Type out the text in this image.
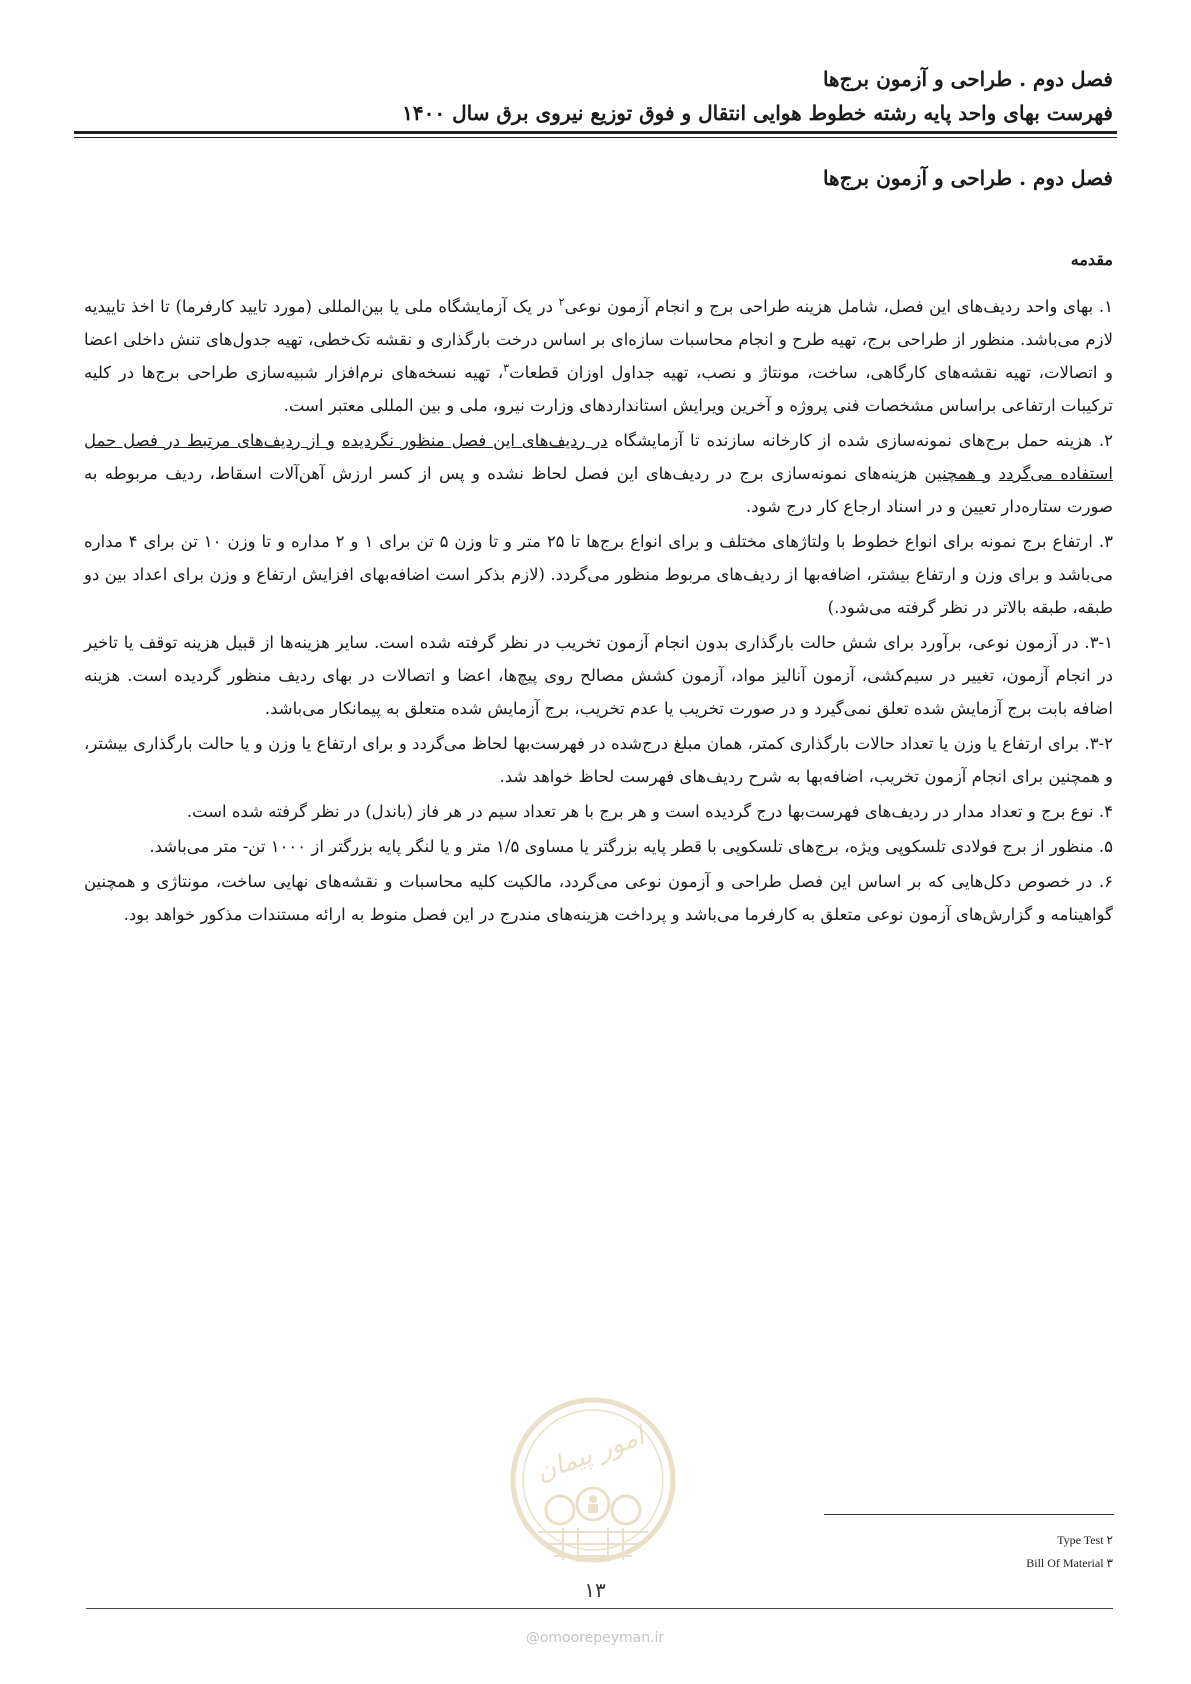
فصل دوم . طراحی و آزمون برج‌ها
فهرست بهای واحد پایه رشته خطوط هوایی انتقال و فوق توزیع نیروی برق سال ۱۴۰۰
فصل دوم . طراحی و آزمون برج‌ها
مقدمه

۱. بهای واحد ردیف‌های این فصل، شامل هزینه طراحی برج و انجام آزمون نوعی$^۲$ در یک آزمایشگاه ملی یا بین‌المللی (مورد تایید کارفرما) تا اخذ تاییدیه لازم می‌باشد. منظور از طراحی برج، تهیه طرح و انجام محاسبات سازه‌ای بر اساس درخت بارگذاری و نقشه تک‌خطی، تهیه جدول‌های تنش داخلی اعضا و اتصالات، تهیه نقشه‌های کارگاهی، ساخت، مونتاژ و نصب، تهیه جداول اوزان قطعات$^۳$، تهیه نسخه‌های نرم‌افزار شبیه‌سازی طراحی برج‌ها در کلیه ترکیبات ارتفاعی براساس مشخصات فنی پروژه و آخرین ویرایش استانداردهای وزارت نیرو، ملی و بین المللی معتبر است.

۲. هزینه حمل برج‌های نمونه‌سازی شده از کارخانه سازنده تا آزمایشگاه در ردیف‌های این فصل منظور نگردیده و از ردیف‌های مرتبط در فصل حمل استفاده می‌گردد و همچنین هزینه‌های نمونه‌سازی برج در ردیف‌های این فصل لحاظ نشده و پس از کسر ارزش آهن‌آلات اسقاط، ردیف مربوطه به صورت ستاره‌دار تعیین و در اسناد ارجاع کار درج شود.

۳. ارتفاع برج نمونه برای انواع خطوط با ولتاژهای مختلف و برای انواع برج‌ها تا ۲۵ متر و تا وزن ۵ تن برای ۱ و ۲ مداره و تا وزن ۱۰ تن برای ۴ مداره می‌باشد و برای وزن و ارتفاع بیشتر، اضافه‌بها از ردیف‌های مربوط منظور می‌گردد. (لازم بذکر است اضافه‌بهای افزایش ارتفاع و وزن برای اعداد بین دو طبقه، طبقه بالاتر در نظر گرفته می‌شود.)

۳-۱. در آزمون نوعی، برآورد برای شش حالت بارگذاری بدون انجام آزمون تخریب در نظر گرفته شده است. سایر هزینه‌ها از قبیل هزینه توقف یا تاخیر در انجام آزمون، تغییر در سیم‌کشی، آزمون آنالیز مواد، آزمون کشش مصالح روی پیچ‌ها، اعضا و اتصالات در بهای ردیف منظور گردیده است. هزینه اضافه بابت برج آزمایش شده تعلق نمی‌گیرد و در صورت تخریب یا عدم تخریب، برج آزمایش شده متعلق به پیمانکار می‌باشد.

۳-۲. برای ارتفاع یا وزن یا تعداد حالات بارگذاری کمتر، همان مبلغ درج‌شده در فهرست‌بها لحاظ می‌گردد و برای ارتفاع یا وزن و یا حالت بارگذاری بیشتر، و همچنین برای انجام آزمون تخریب، اضافه‌بها به شرح ردیف‌های فهرست لحاظ خواهد شد.

۴. نوع برج و تعداد مدار در ردیف‌های فهرست‌بها درج گردیده است و هر برج با هر تعداد سیم در هر فاز (باندل) در نظر گرفته شده است.

۵. منظور از برج فولادی تلسکوپی ویژه، برج‌های تلسکوپی با قطر پایه بزرگتر یا مساوی ۱/۵ متر و یا لنگر پایه بزرگتر از ۱۰۰۰ تن- متر می‌باشد.

۶. در خصوص دکل‌هایی که بر اساس این فصل طراحی و آزمون نوعی می‌گردد، مالکیت کلیه محاسبات و نقشه‌های نهایی ساخت، مونتاژی و همچنین گواهینامه و گزارش‌های آزمون نوعی متعلق به کارفرما می‌باشد و پرداخت هزینه‌های مندرج در این فصل منوط به ارائه مستندات مذکور خواهد بود.

امور پیمان
@omoorepeyman.ir
Type Test ۲
Bill Of Material ۳
۱۳
